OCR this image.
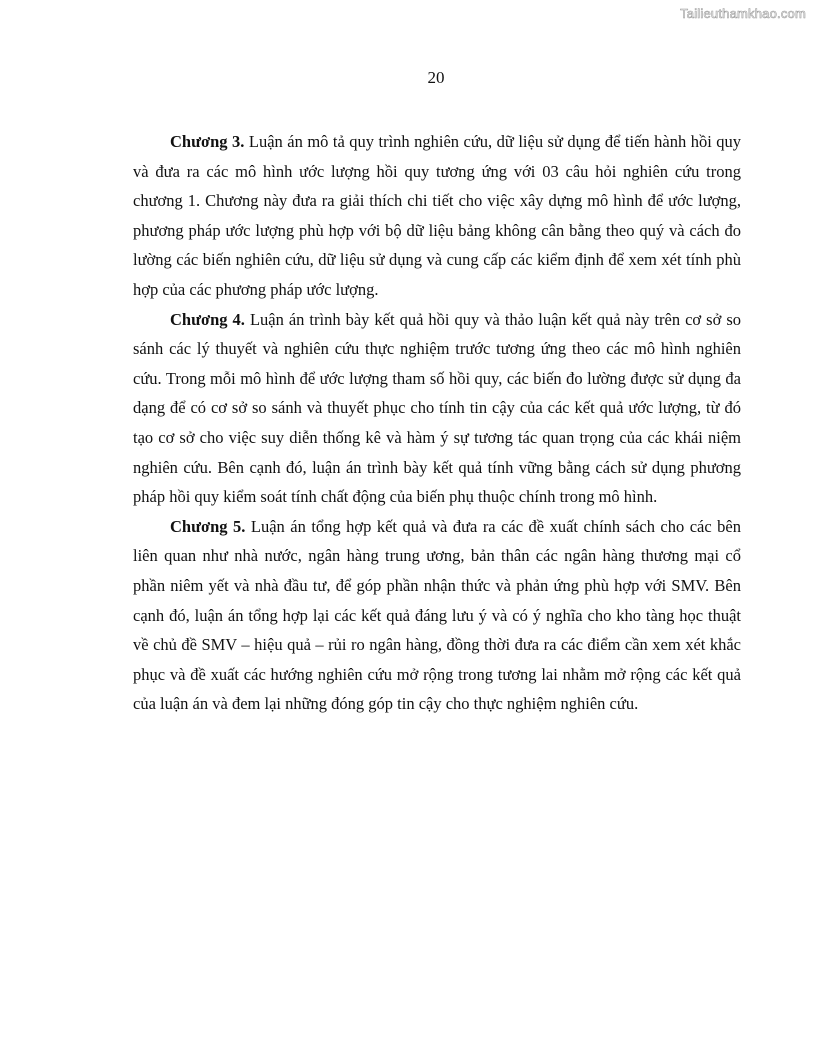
Tailieuthamkhao.com
20

Chương 3. Luận án mô tả quy trình nghiên cứu, dữ liệu sử dụng để tiến hành hồi quy và đưa ra các mô hình ước lượng hồi quy tương ứng với 03 câu hỏi nghiên cứu trong chương 1. Chương này đưa ra giải thích chi tiết cho việc xây dựng mô hình để ước lượng, phương pháp ước lượng phù hợp với bộ dữ liệu bảng không cân bằng theo quý và cách đo lường các biến nghiên cứu, dữ liệu sử dụng và cung cấp các kiểm định để xem xét tính phù hợp của các phương pháp ước lượng.

Chương 4. Luận án trình bày kết quả hồi quy và thảo luận kết quả này trên cơ sở so sánh các lý thuyết và nghiên cứu thực nghiệm trước tương ứng theo các mô hình nghiên cứu. Trong mỗi mô hình để ước lượng tham số hồi quy, các biến đo lường được sử dụng đa dạng để có cơ sở so sánh và thuyết phục cho tính tin cậy của các kết quả ước lượng, từ đó tạo cơ sở cho việc suy diễn thống kê và hàm ý sự tương tác quan trọng của các khái niệm nghiên cứu. Bên cạnh đó, luận án trình bày kết quả tính vững bằng cách sử dụng phương pháp hồi quy kiểm soát tính chất động của biến phụ thuộc chính trong mô hình.

Chương 5. Luận án tổng hợp kết quả và đưa ra các đề xuất chính sách cho các bên liên quan như nhà nước, ngân hàng trung ương, bản thân các ngân hàng thương mại cổ phần niêm yết và nhà đầu tư, để góp phần nhận thức và phản ứng phù hợp với SMV. Bên cạnh đó, luận án tổng hợp lại các kết quả đáng lưu ý và có ý nghĩa cho kho tàng học thuật về chủ đề SMV – hiệu quả – rủi ro ngân hàng, đồng thời đưa ra các điểm cần xem xét khắc phục và đề xuất các hướng nghiên cứu mở rộng trong tương lai nhằm mở rộng các kết quả của luận án và đem lại những đóng góp tin cậy cho thực nghiệm nghiên cứu.
